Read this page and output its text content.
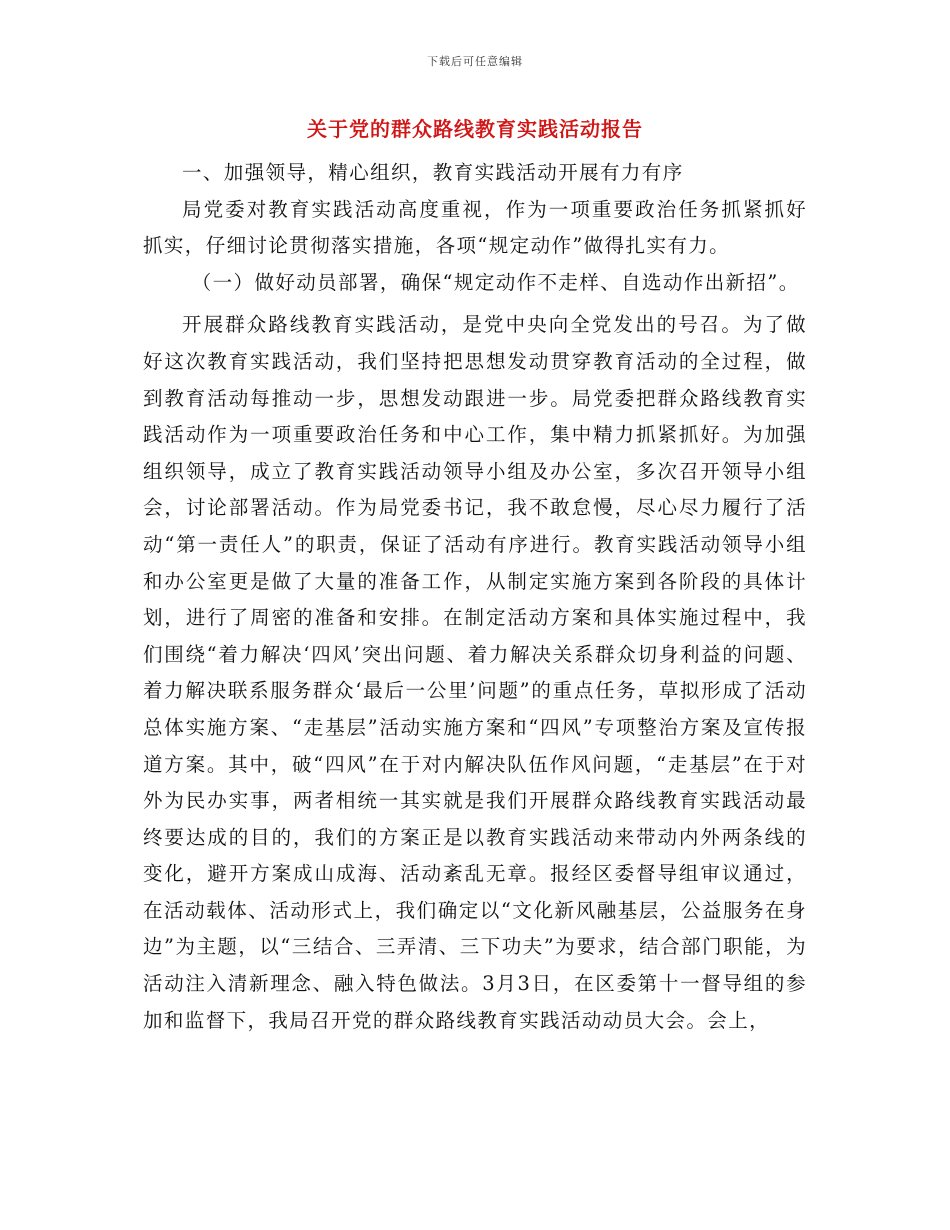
下载后可任意编辑
关于党的群众路线教育实践活动报告

一、加强领导，精心组织，教育实践活动开展有力有序

局党委对教育实践活动高度重视，作为一项重要政治任务抓紧抓好抓实，仔细讨论贯彻落实措施，各项“规定动作”做得扎实有力。

（一）做好动员部署，确保“规定动作不走样、自选动作出新招”。

开展群众路线教育实践活动，是党中央向全党发出的号召。为了做好这次教育实践活动，我们坚持把思想发动贯穿教育活动的全过程，做到教育活动每推动一步，思想发动跟进一步。局党委把群众路线教育实践活动作为一项重要政治任务和中心工作，集中精力抓紧抓好。为加强组织领导，成立了教育实践活动领导小组及办公室，多次召开领导小组会，讨论部署活动。作为局党委书记，我不敢怠慢，尽心尽力履行了活动“第一责任人”的职责，保证了活动有序进行。教育实践活动领导小组和办公室更是做了大量的准备工作，从制定实施方案到各阶段的具体计划，进行了周密的准备和安排。在制定活动方案和具体实施过程中，我们围绕“着力解决‘四风’突出问题、着力解决关系群众切身利益的问题、着力解决联系服务群众‘最后一公里’问题”的重点任务，草拟形成了活动总体实施方案、“走基层”活动实施方案和“四风”专项整治方案及宣传报道方案。其中，破“四风”在于对内解决队伍作风问题，“走基层”在于对外为民办实事，两者相统一其实就是我们开展群众路线教育实践活动最终要达成的目的，我们的方案正是以教育实践活动来带动内外两条线的变化，避开方案成山成海、活动紊乱无章。报经区委督导组审议通过，在活动载体、活动形式上，我们确定以“文化新风融基层，公益服务在身边”为主题，以“三结合、三弄清、三下功夫”为要求，结合部门职能，为活动注入清新理念、融入特色做法。3月3日，在区委第十一督导组的参加和监督下，我局召开党的群众路线教育实践活动动员大会。会上，
